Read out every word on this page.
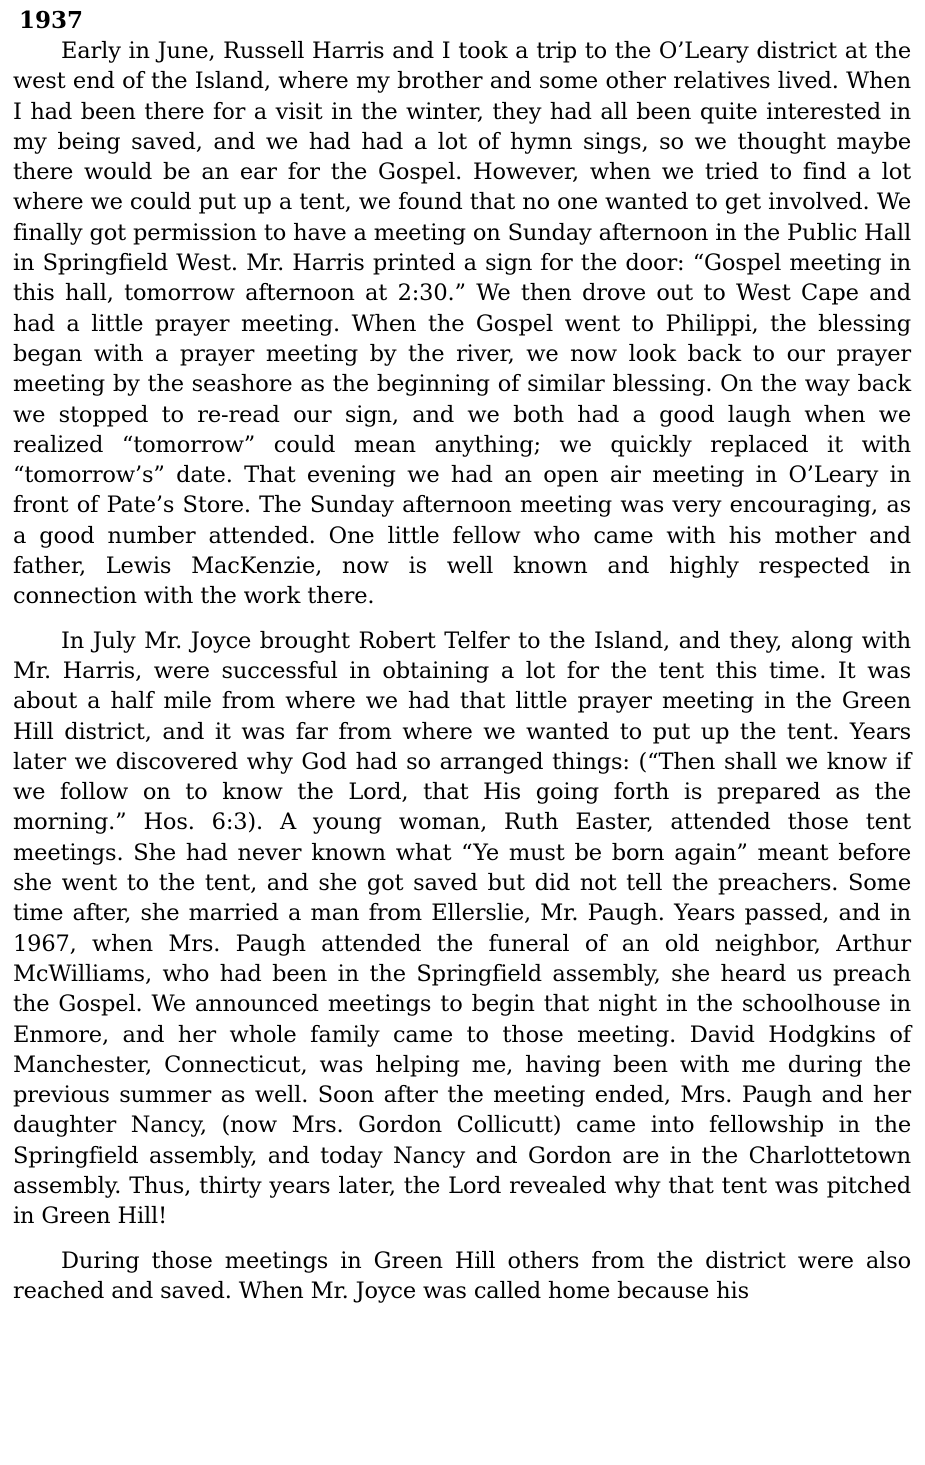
1937

Early in June, Russell Harris and I took a trip to the O’Leary district at the west end of the Island, where my brother and some other relatives lived. When I had been there for a visit in the winter, they had all been quite interested in my being saved, and we had had a lot of hymn sings, so we thought maybe there would be an ear for the Gospel. However, when we tried to find a lot where we could put up a tent, we found that no one wanted to get involved. We finally got permission to have a meeting on Sunday afternoon in the Public Hall in Springfield West. Mr. Harris printed a sign for the door: “Gospel meeting in this hall, tomorrow afternoon at 2:30.” We then drove out to West Cape and had a little prayer meeting. When the Gospel went to Philippi, the blessing began with a prayer meeting by the river, we now look back to our prayer meeting by the seashore as the beginning of similar blessing. On the way back we stopped to re-read our sign, and we both had a good laugh when we realized “tomorrow” could mean anything; we quickly replaced it with “tomorrow’s” date. That evening we had an open air meeting in O’Leary in front of Pate’s Store. The Sunday afternoon meeting was very encouraging, as a good number attended. One little fellow who came with his mother and father, Lewis MacKenzie, now is well known and highly respected in connection with the work there.

In July Mr. Joyce brought Robert Telfer to the Island, and they, along with Mr. Harris, were successful in obtaining a lot for the tent this time. It was about a half mile from where we had that little prayer meeting in the Green Hill district, and it was far from where we wanted to put up the tent. Years later we discovered why God had so arranged things: (“Then shall we know if we follow on to know the Lord, that His going forth is prepared as the morning.” Hos. 6:3). A young woman, Ruth Easter, attended those tent meetings. She had never known what “Ye must be born again” meant before she went to the tent, and she got saved but did not tell the preachers. Some time after, she married a man from Ellerslie, Mr. Paugh. Years passed, and in 1967, when Mrs. Paugh attended the funeral of an old neighbor, Arthur McWilliams, who had been in the Springfield assembly, she heard us preach the Gospel. We announced meetings to begin that night in the schoolhouse in Enmore, and her whole family came to those meeting. David Hodgkins of Manchester, Connecticut, was helping me, having been with me during the previous summer as well. Soon after the meeting ended, Mrs. Paugh and her daughter Nancy, (now Mrs. Gordon Collicutt) came into fellowship in the Springfield assembly, and today Nancy and Gordon are in the Charlottetown assembly. Thus, thirty years later, the Lord revealed why that tent was pitched in Green Hill!

During those meetings in Green Hill others from the district were also reached and saved. When Mr. Joyce was called home because his
